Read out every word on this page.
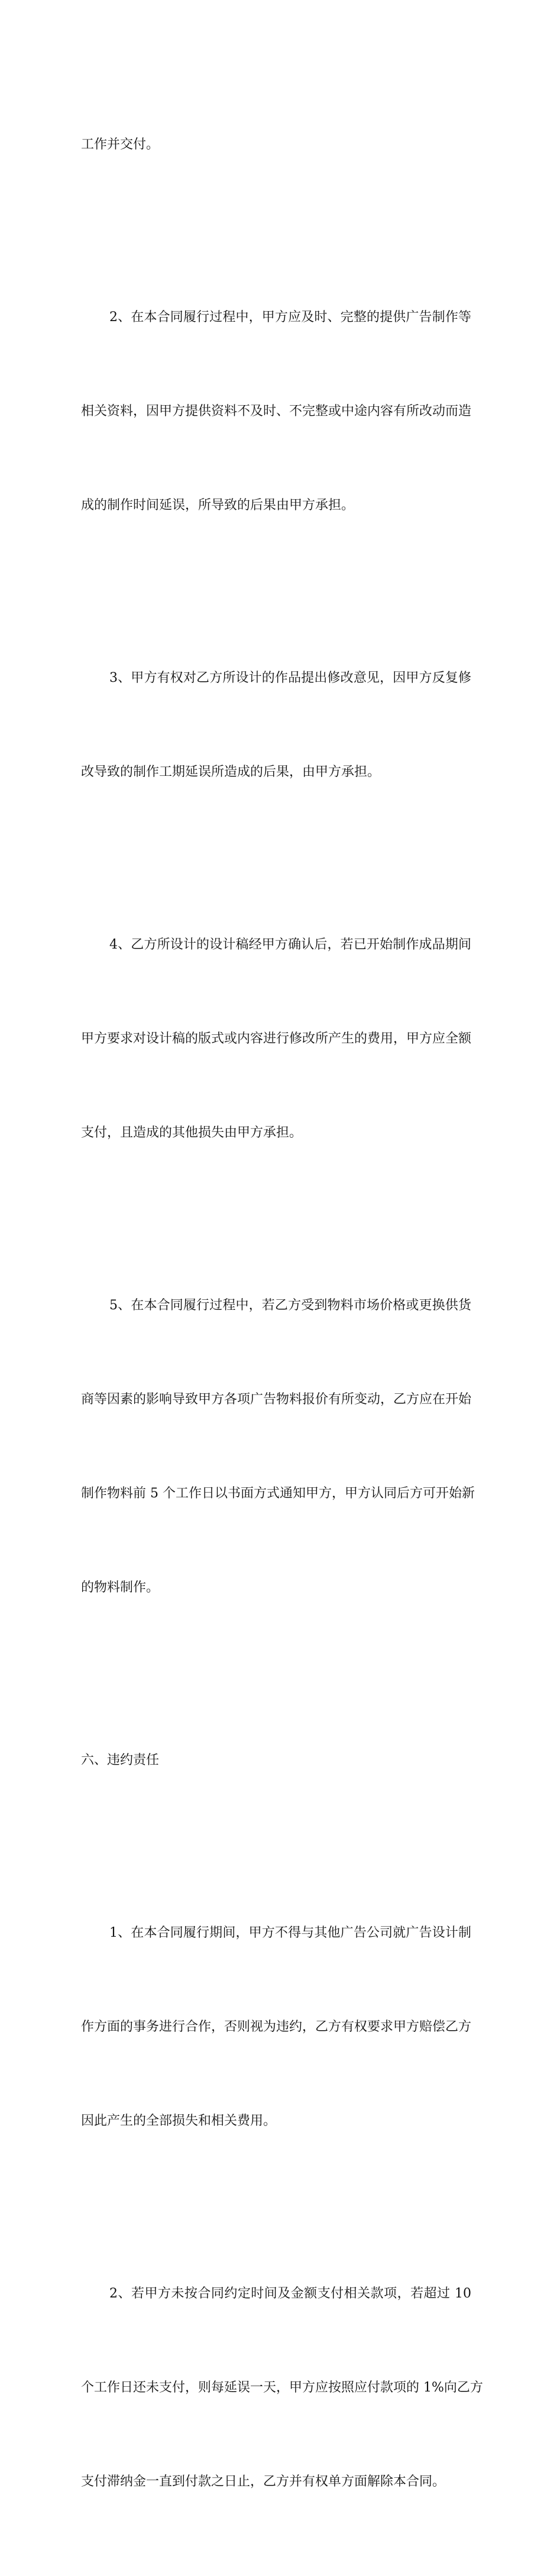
工作并交付。

2、在本合同履行过程中，甲方应及时、完整的提供广告制作等

相关资料，因甲方提供资料不及时、不完整或中途内容有所改动而造

成的制作时间延误，所导致的后果由甲方承担。

3、甲方有权对乙方所设计的作品提出修改意见，因甲方反复修

改导致的制作工期延误所造成的后果，由甲方承担。

4、乙方所设计的设计稿经甲方确认后，若已开始制作成品期间

甲方要求对设计稿的版式或内容进行修改所产生的费用，甲方应全额

支付，且造成的其他损失由甲方承担。

5、在本合同履行过程中，若乙方受到物料市场价格或更换供货

商等因素的影响导致甲方各项广告物料报价有所变动，乙方应在开始

制作物料前 5 个工作日以书面方式通知甲方，甲方认同后方可开始新

的物料制作。

六、违约责任

1、在本合同履行期间，甲方不得与其他广告公司就广告设计制

作方面的事务进行合作，否则视为违约，乙方有权要求甲方赔偿乙方

因此产生的全部损失和相关费用。

2、若甲方未按合同约定时间及金额支付相关款项，若超过 10

个工作日还未支付，则每延误一天，甲方应按照应付款项的 1%向乙方

支付滞纳金一直到付款之日止，乙方并有权单方面解除本合同。
